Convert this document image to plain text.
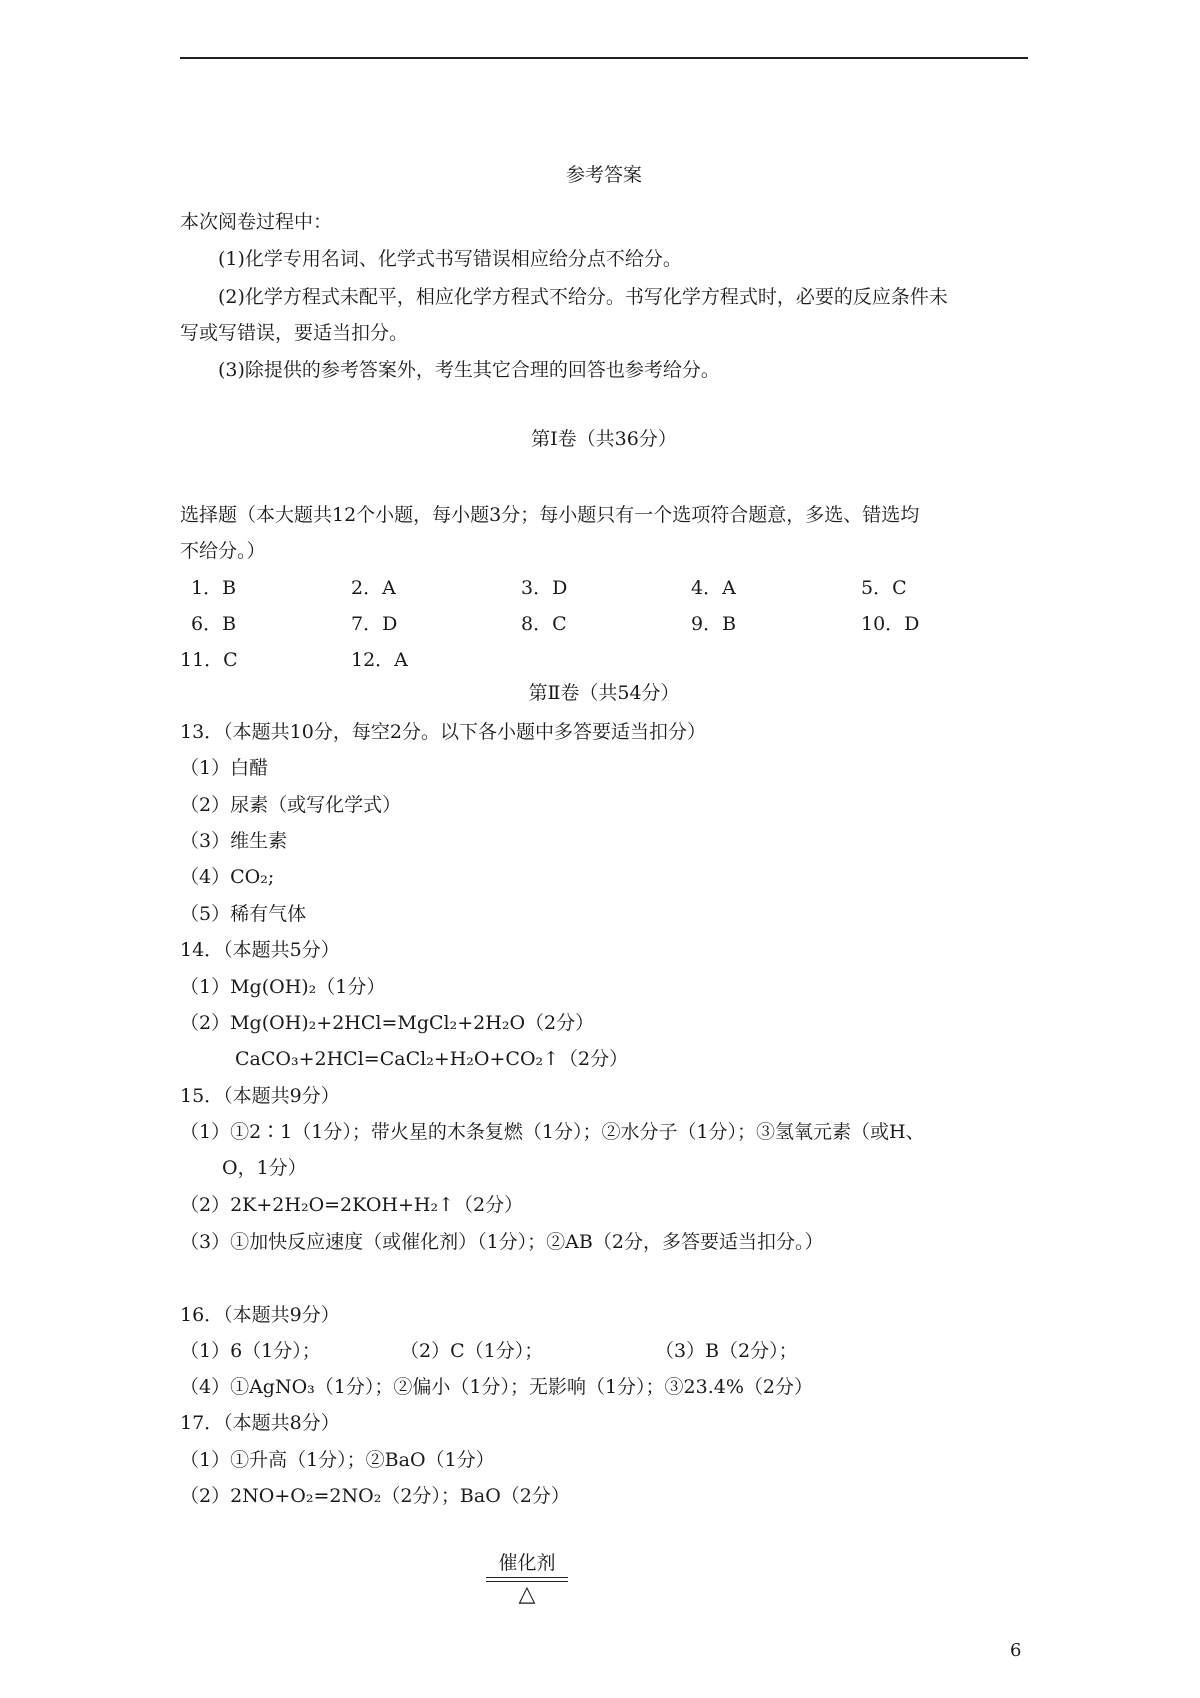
参考答案
本次阅卷过程中：
(1)化学专用名词、化学式书写错误相应给分点不给分。
(2)化学方程式未配平，相应化学方程式不给分。书写化学方程式时，必要的反应条件未
写或写错误，要适当扣分。
(3)除提供的参考答案外，考生其它合理的回答也参考给分。
第Ⅰ卷（共36分）
选择题（本大题共12个小题，每小题3分；每小题只有一个选项符合题意，多选、错选均
不给分。）
1．B	2．A	3．D	4．A	5．C
6．B	7．D	8．C	9．B	10．D
11．C	12．A
第Ⅱ卷（共54分）
13．（本题共10分，每空2分。以下各小题中多答要适当扣分）
（1）白醋
（2）尿素（或写化学式）
（3）维生素
（4）CO₂;
（5）稀有气体
14．（本题共5分）
（1）Mg(OH)₂（1分）
（2）Mg(OH)₂+2HCl=MgCl₂+2H₂O（2分）
CaCO₃+2HCl=CaCl₂+H₂O+CO₂↑（2分）
15．（本题共9分）
（1）①2∶1（1分）；带火星的木条复燃（1分）；②水分子（1分）；③氢氧元素（或H、
O，1分）
（2）2K+2H₂O=2KOH+H₂↑（2分）
（3）①加快反应速度（或催化剂）（1分）；②AB（2分，多答要适当扣分。）
16．（本题共9分）
（1）6（1分）；	（2）C（1分）；	（3）B（2分）；
（4）①AgNO₃（1分）；②偏小（1分）；无影响（1分）；③23.4%（2分）
17．（本题共8分）
（1）①升高（1分）；②BaO（1分）
（2）2NO+O₂=2NO₂（2分）；BaO（2分）
催化剂
△
6
